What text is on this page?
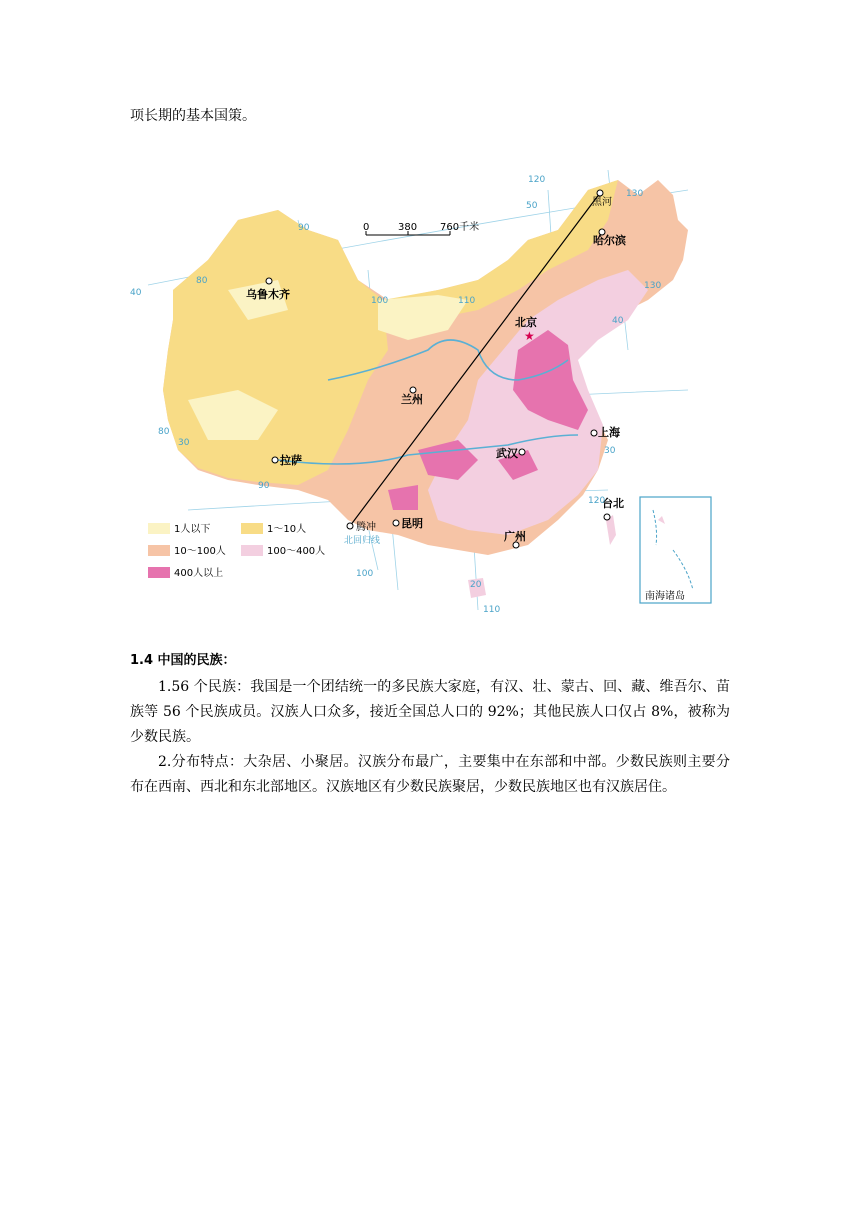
项长期的基本国策。
0	380 760千米
乌鲁木齐
北京
★
兰州
拉萨
武汉
上海
哈尔滨
昆明
腾冲
黑河
广州
台北
120
50
130
90
80
40
100	110
40
130
80
30
90
30
20
100
110
120
北回归线
南海诸岛
1人以下	1～10人
10～100人	100～400人
400人以上
1.4 中国的民族：

1.56 个民族：我国是一个团结统一的多民族大家庭，有汉、壮、蒙古、回、藏、维吾尔、苗族等 56 个民族成员。汉族人口众多，接近全国总人口的 92%；其他民族人口仅占 8%，被称为少数民族。

2.分布特点：大杂居、小聚居。汉族分布最广，主要集中在东部和中部。少数民族则主要分布在西南、西北和东北部地区。汉族地区有少数民族聚居，少数民族地区也有汉族居住。
